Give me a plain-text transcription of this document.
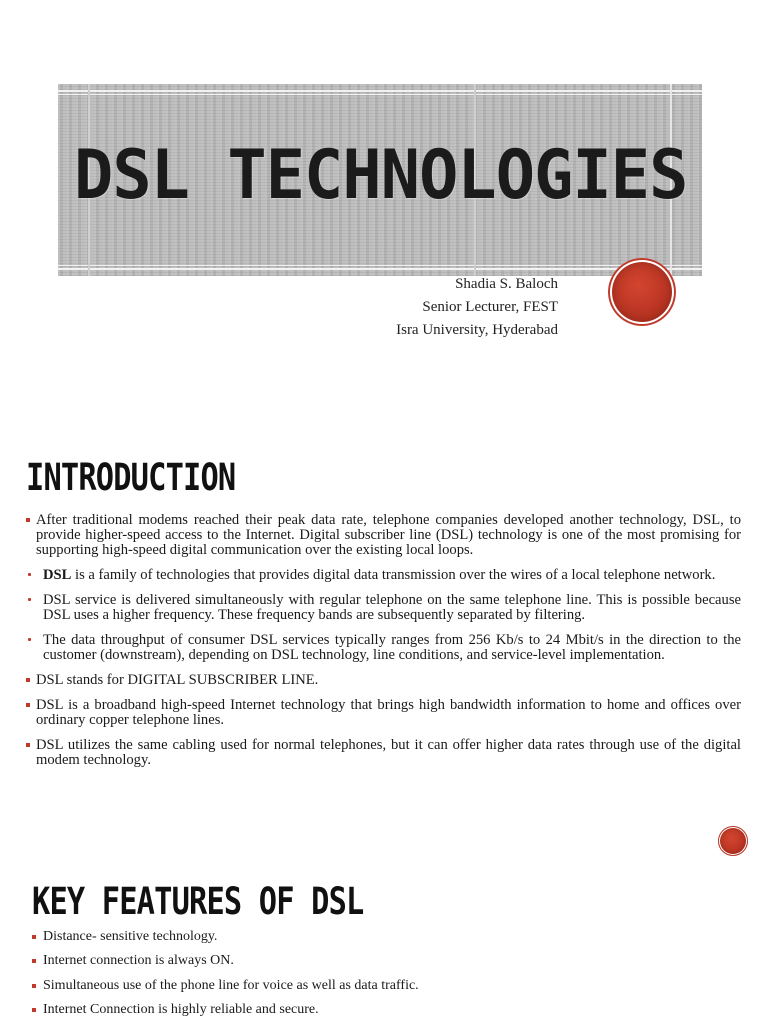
DSL TECHNOLOGIES
Shadia S. Baloch
Senior Lecturer, FEST
Isra University, Hyderabad
INTRODUCTION
After traditional modems reached their peak data rate, telephone companies developed another technology, DSL, to provide higher-speed access to the Internet. Digital subscriber line (DSL) technology is one of the most promising for supporting high-speed digital communication over the existing local loops.
DSL is a family of technologies that provides digital data transmission over the wires of a local telephone network.
DSL service is delivered simultaneously with regular telephone on the same telephone line. This is possible because DSL uses a higher frequency. These frequency bands are subsequently separated by filtering.
The data throughput of consumer DSL services typically ranges from 256 Kb/s to 24 Mbit/s in the direction to the customer (downstream), depending on DSL technology, line conditions, and service-level implementation.
DSL stands for DIGITAL SUBSCRIBER LINE.
DSL is a broadband high-speed Internet technology that brings high bandwidth information to home and offices over ordinary copper telephone lines.
DSL utilizes the same cabling used for normal telephones, but it can offer higher data rates through use of the digital modem technology.
KEY FEATURES OF DSL
Distance- sensitive technology.
Internet connection is always ON.
Simultaneous use of the phone line for voice as well as data traffic.
Internet Connection is highly reliable and secure.
